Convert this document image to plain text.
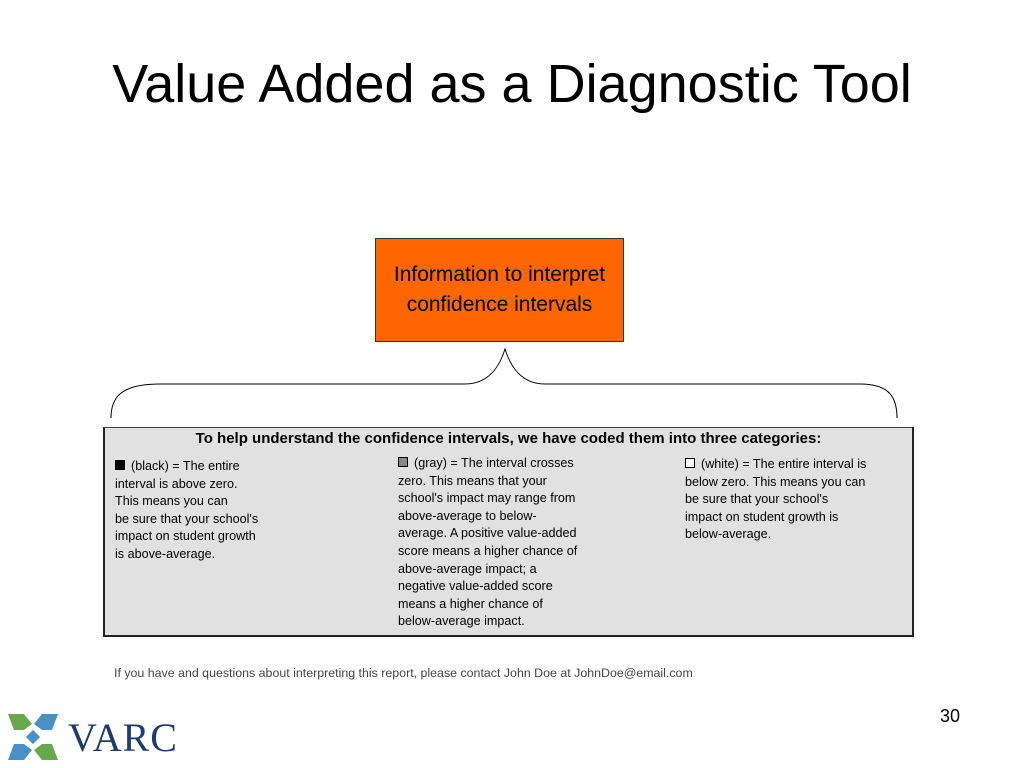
Value Added as a Diagnostic Tool
Information to interpret confidence intervals
To help understand the confidence intervals, we have coded them into three categories:
(black) = The entire
interval is above zero.
This means you can
be sure that your school's
impact on student growth
is above-average.
(gray) = The interval crosses
zero. This means that your
school's impact may range from
above-average to below-
average. A positive value-added
score means a higher chance of
above-average impact; a
negative value-added score
means a higher chance of
below-average impact.
(white) = The entire interval is
below zero. This means you can
be sure that your school's
impact on student growth is
below-average.
If you have and questions about interpreting this report, please contact John Doe at JohnDoe@email.com
30
VARC
